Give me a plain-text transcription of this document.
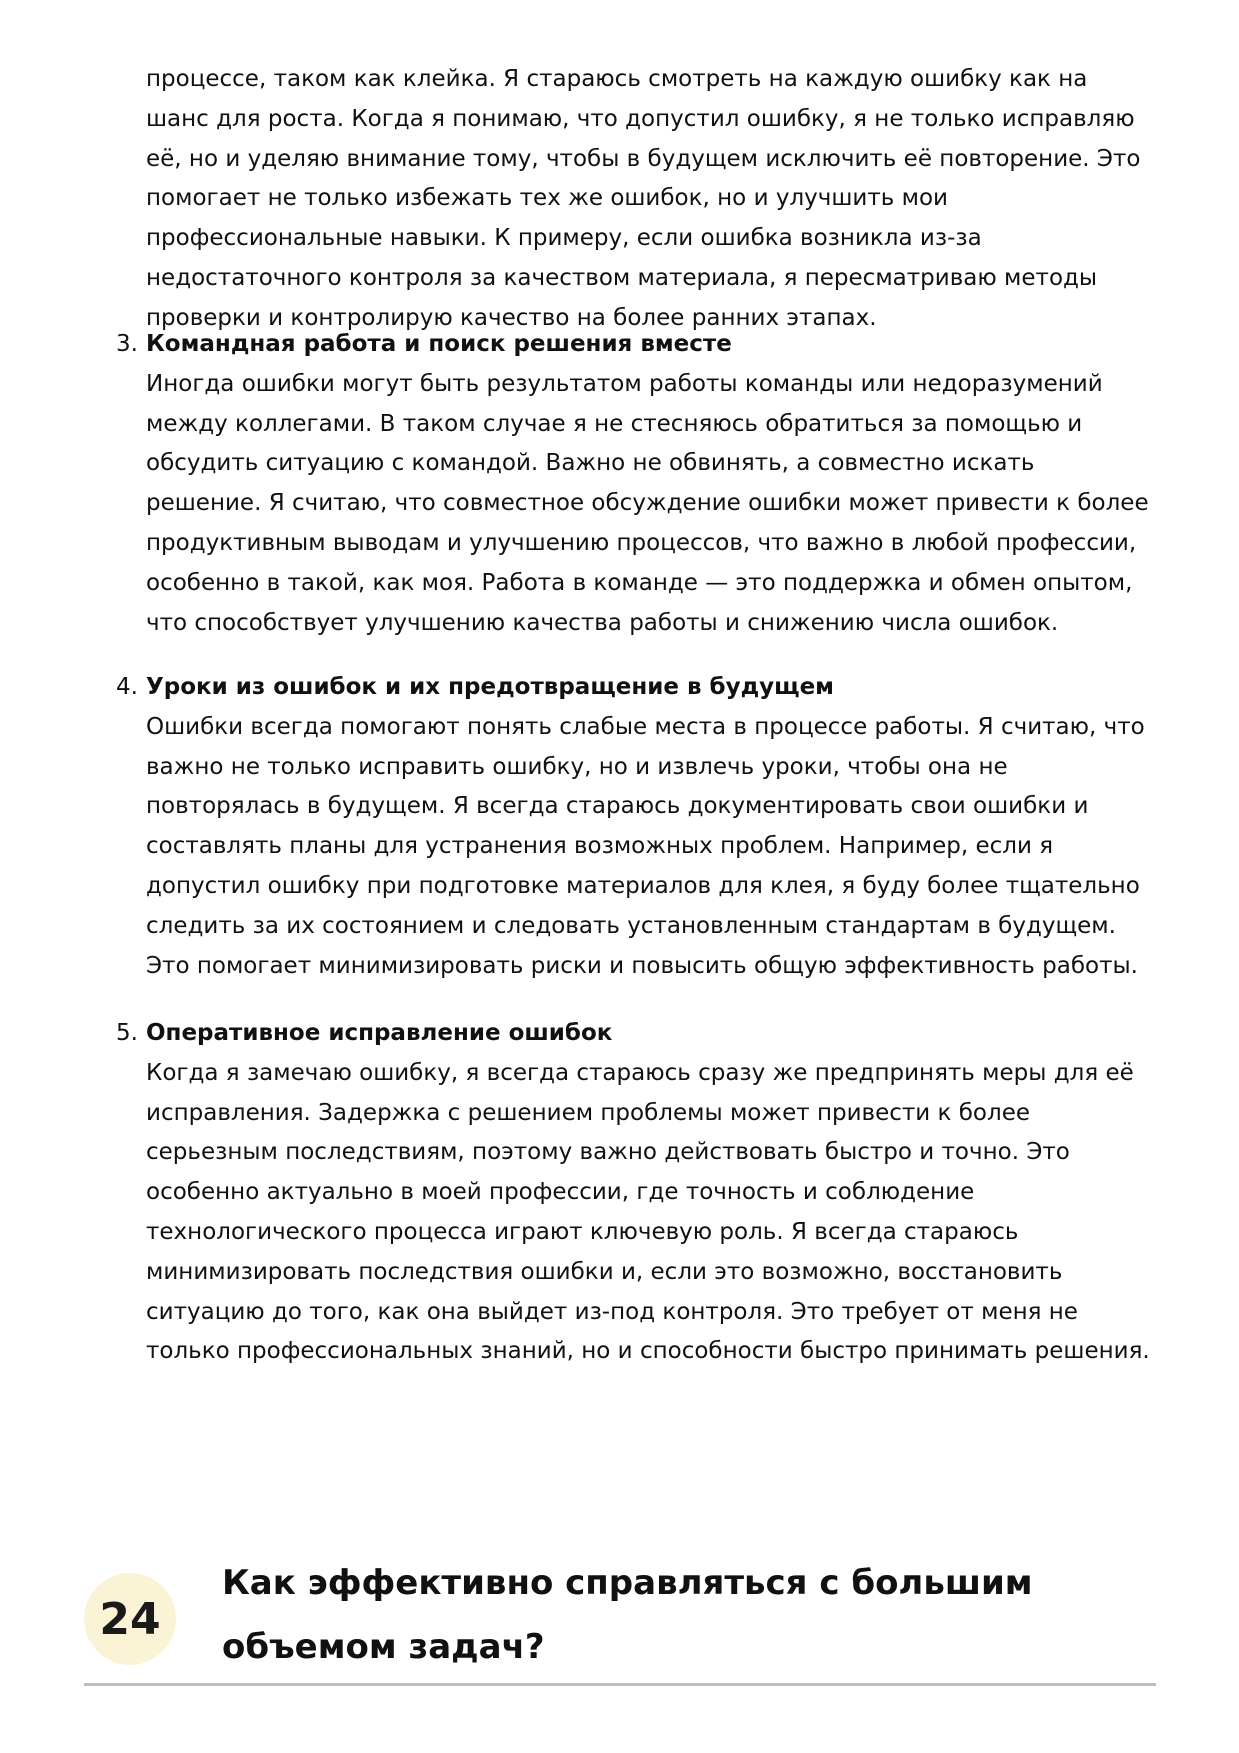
процессе, таком как клейка. Я стараюсь смотреть на каждую ошибку как на шанс для роста. Когда я понимаю, что допустил ошибку, я не только исправляю её, но и уделяю внимание тому, чтобы в будущем исключить её повторение. Это помогает не только избежать тех же ошибок, но и улучшить мои профессиональные навыки. К примеру, если ошибка возникла из-за недостаточного контроля за качеством материала, я пересматриваю методы проверки и контролирую качество на более ранних этапах.

3. Командная работа и поиск решения вместе

Иногда ошибки могут быть результатом работы команды или недоразумений между коллегами. В таком случае я не стесняюсь обратиться за помощью и обсудить ситуацию с командой. Важно не обвинять, а совместно искать решение. Я считаю, что совместное обсуждение ошибки может привести к более продуктивным выводам и улучшению процессов, что важно в любой профессии, особенно в такой, как моя. Работа в команде — это поддержка и обмен опытом, что способствует улучшению качества работы и снижению числа ошибок.

4. Уроки из ошибок и их предотвращение в будущем

Ошибки всегда помогают понять слабые места в процессе работы. Я считаю, что важно не только исправить ошибку, но и извлечь уроки, чтобы она не повторялась в будущем. Я всегда стараюсь документировать свои ошибки и составлять планы для устранения возможных проблем. Например, если я допустил ошибку при подготовке материалов для клея, я буду более тщательно следить за их состоянием и следовать установленным стандартам в будущем. Это помогает минимизировать риски и повысить общую эффективность работы.

5. Оперативное исправление ошибок

Когда я замечаю ошибку, я всегда стараюсь сразу же предпринять меры для её исправления. Задержка с решением проблемы может привести к более серьезным последствиям, поэтому важно действовать быстро и точно. Это особенно актуально в моей профессии, где точность и соблюдение технологического процесса играют ключевую роль. Я всегда стараюсь минимизировать последствия ошибки и, если это возможно, восстановить ситуацию до того, как она выйдет из-под контроля. Это требует от меня не только профессиональных знаний, но и способности быстро принимать решения.

24
Как эффективно справляться с большим объемом задач?
